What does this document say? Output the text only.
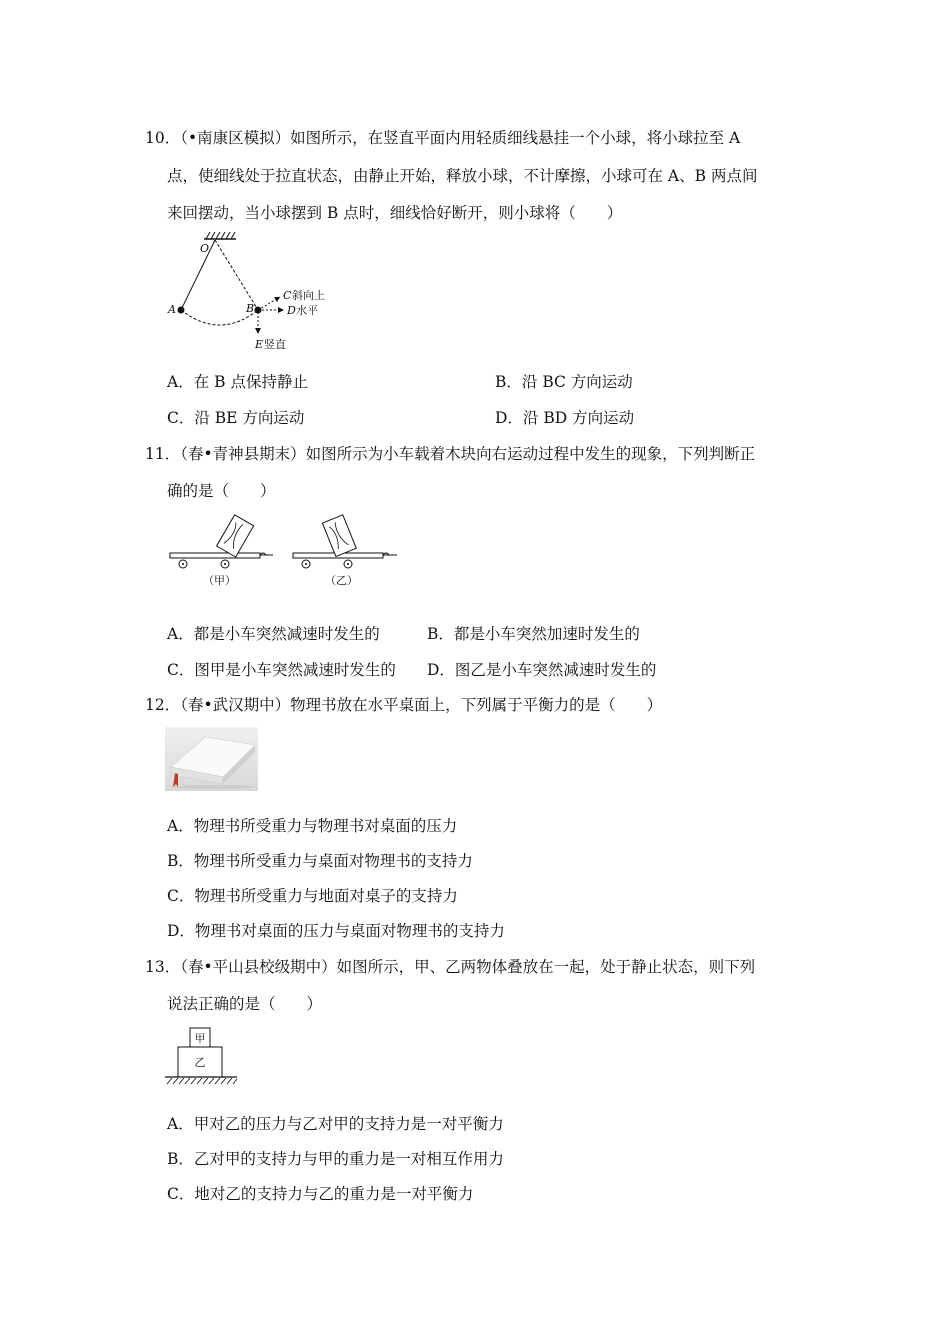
10．（•南康区模拟）如图所示，在竖直平面内用轻质细线悬挂一个小球，将小球拉至 A
点，使细线处于拉直状态，由静止开始，释放小球，不计摩擦，小球可在 A、B 两点间
来回摆动，当小球摆到 B 点时，细线恰好断开，则小球将（　　）
O
A	B
C 斜向上
D 水平
E 竖直
A．在 B 点保持静止	B．沿 BC 方向运动
C．沿 BE 方向运动	D．沿 BD 方向运动
11．（春•青神县期末）如图所示为小车载着木块向右运动过程中发生的现象，下列判断正
确的是（　　）
（甲）	（乙）
A．都是小车突然减速时发生的	B．都是小车突然加速时发生的
C．图甲是小车突然减速时发生的 D．图乙是小车突然减速时发生的
12．（春•武汉期中）物理书放在水平桌面上，下列属于平衡力的是（　　）
A．物理书所受重力与物理书对桌面的压力
B．物理书所受重力与桌面对物理书的支持力
C．物理书所受重力与地面对桌子的支持力
D．物理书对桌面的压力与桌面对物理书的支持力
13．（春•平山县校级期中）如图所示，甲、乙两物体叠放在一起，处于静止状态，则下列
说法正确的是（　　）
甲
乙
A．甲对乙的压力与乙对甲的支持力是一对平衡力
B．乙对甲的支持力与甲的重力是一对相互作用力
C．地对乙的支持力与乙的重力是一对平衡力
